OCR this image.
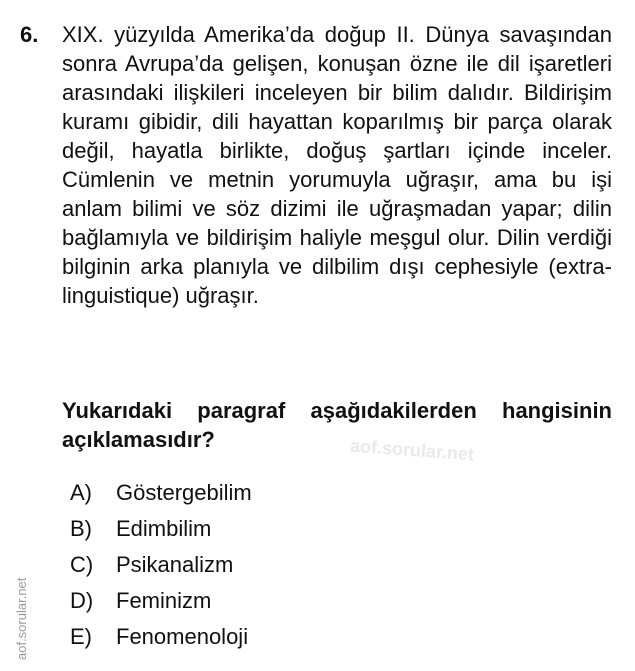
6. XIX. yüzyılda Amerika’da doğup II. Dünya savaşından sonra Avrupa’da gelişen, konuşan özne ile dil işaretleri arasındaki ilişkileri inceleyen bir bilim dalıdır. Bildirişim kuramı gibidir, dili hayattan koparılmış bir parça olarak değil, hayatla birlikte, doğuş şartları içinde inceler. Cümlenin ve metnin yorumuyla uğraşır, ama bu işi anlam bilimi ve söz dizimi ile uğraşmadan yapar; dilin bağlamıyla ve bildirişim haliyle meşgul olur. Dilin verdiği bilginin arka planıyla ve dilbilim dışı cephesiyle (extra-linguistique) uğraşır.

Yukarıdaki paragraf aşağıdakilerden hangisinin açıklamasıdır?	aof.sorular.net
A)	Göstergebilim
B)	Edimbilim
C)	Psikanalizm
D)	Feminizm
E)	Fenomenoloji
aof.sorular.net
